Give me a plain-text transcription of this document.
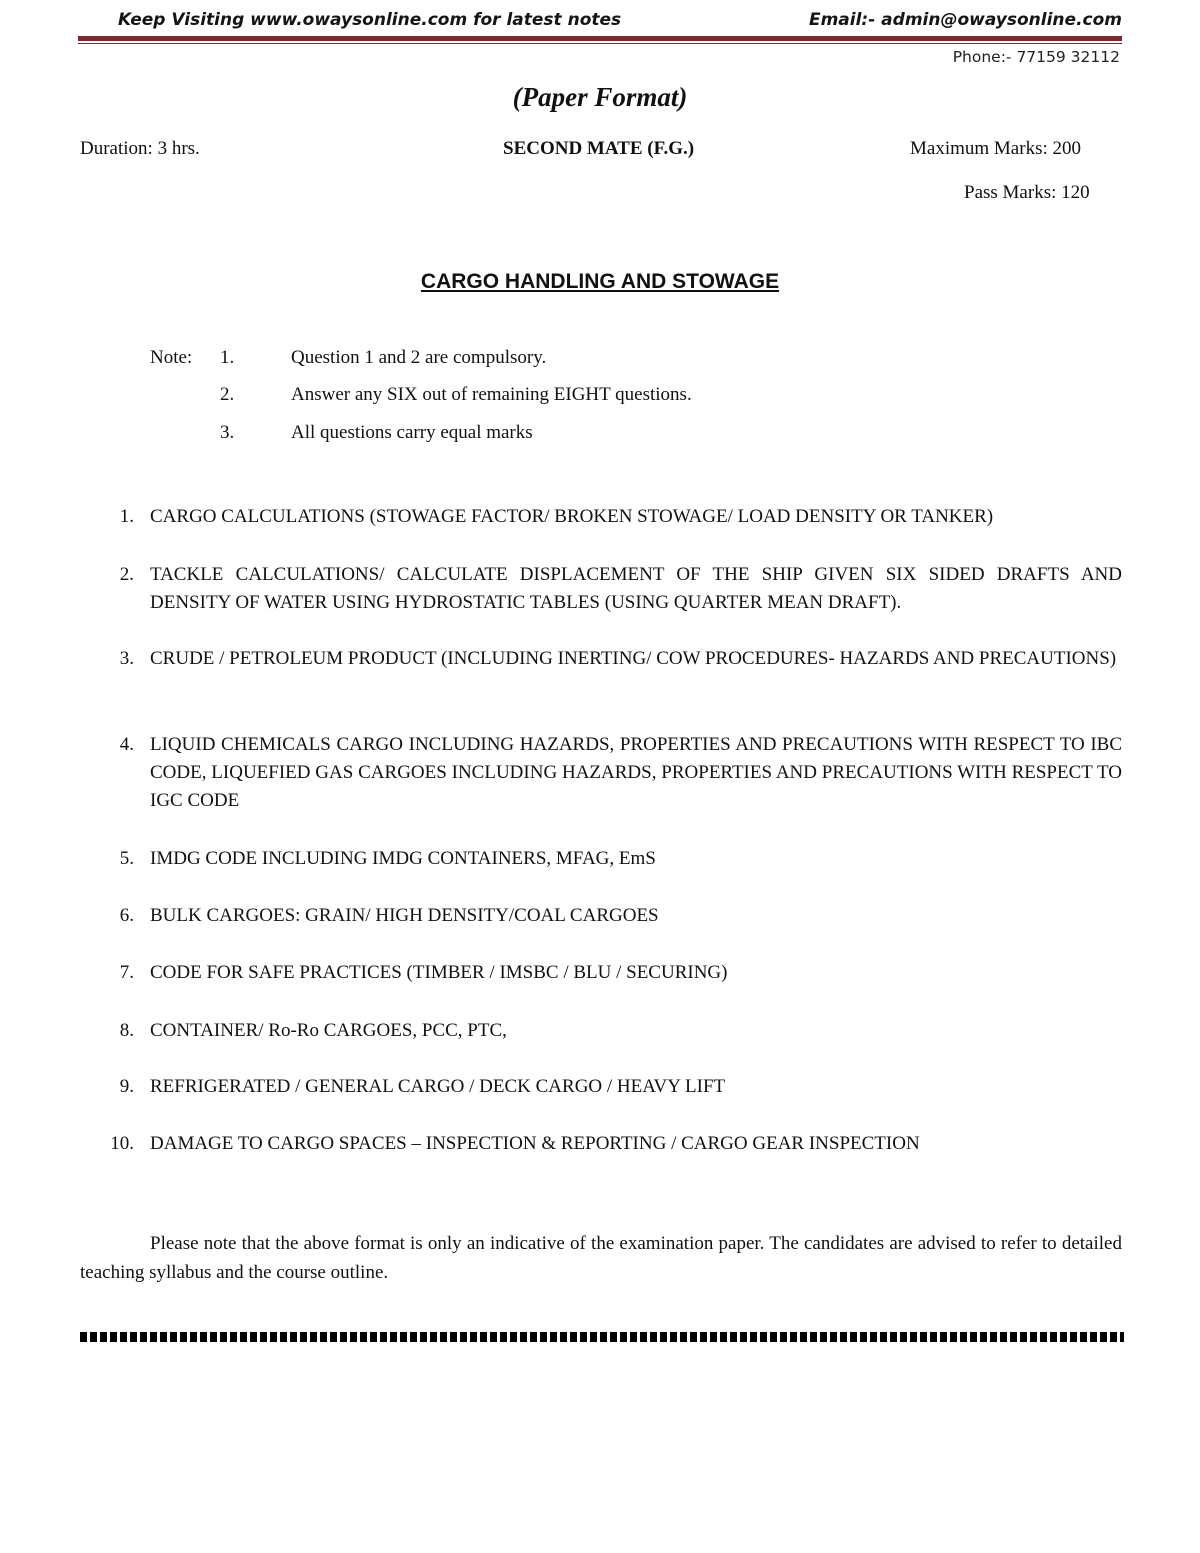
Keep Visiting www.owaysonline.com for latest notes	Email:- admin@owaysonline.com
Phone:- 77159 32112
(Paper Format)
Duration: 3 hrs.	SECOND MATE (F.G.)	Maximum Marks: 200
Pass Marks: 120
CARGO HANDLING AND STOWAGE
Note: 1.	Question 1 and 2 are compulsory.
2.	Answer any SIX out of remaining EIGHT questions.
3.	All questions carry equal marks
1. CARGO CALCULATIONS (STOWAGE FACTOR/ BROKEN STOWAGE/ LOAD DENSITY OR TANKER)
2. TACKLE CALCULATIONS/ CALCULATE DISPLACEMENT OF THE SHIP GIVEN SIX SIDED DRAFTS AND DENSITY OF WATER USING HYDROSTATIC TABLES (USING QUARTER MEAN DRAFT).
3. CRUDE / PETROLEUM PRODUCT (INCLUDING INERTING/ COW PROCEDURES- HAZARDS AND PRECAUTIONS)
4. LIQUID CHEMICALS CARGO INCLUDING HAZARDS, PROPERTIES AND PRECAUTIONS WITH RESPECT TO IBC CODE, LIQUEFIED GAS CARGOES INCLUDING HAZARDS, PROPERTIES AND PRECAUTIONS WITH RESPECT TO IGC CODE
5. IMDG CODE INCLUDING IMDG CONTAINERS, MFAG, EmS
6. BULK CARGOES: GRAIN/ HIGH DENSITY/COAL CARGOES
7. CODE FOR SAFE PRACTICES (TIMBER / IMSBC / BLU / SECURING)
8. CONTAINER/ Ro-Ro CARGOES, PCC, PTC,
9. REFRIGERATED / GENERAL CARGO / DECK CARGO / HEAVY LIFT
10. DAMAGE TO CARGO SPACES – INSPECTION & REPORTING / CARGO GEAR INSPECTION
Please note that the above format is only an indicative of the examination paper. The candidates are advised to refer to detailed teaching syllabus and the course outline.
